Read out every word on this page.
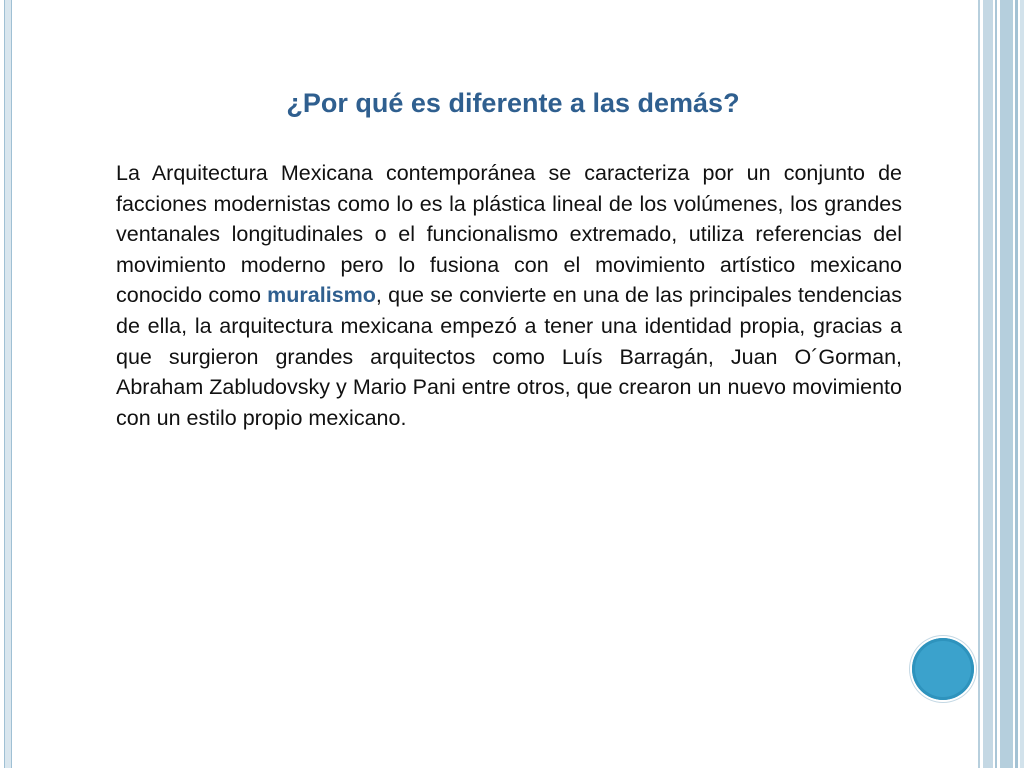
¿Por qué es diferente a las demás?

La Arquitectura Mexicana contemporánea se caracteriza por un conjunto de facciones modernistas como lo es la plástica lineal de los volúmenes, los grandes ventanales longitudinales o el funcionalismo extremado, utiliza referencias del movimiento moderno pero lo fusiona con el movimiento artístico mexicano conocido como muralismo, que se convierte en una de las principales tendencias de ella, la arquitectura mexicana empezó a tener una identidad propia, gracias a que surgieron grandes arquitectos como Luís Barragán, Juan O´Gorman, Abraham Zabludovsky y Mario Pani entre otros, que crearon un nuevo movimiento con un estilo propio mexicano.
